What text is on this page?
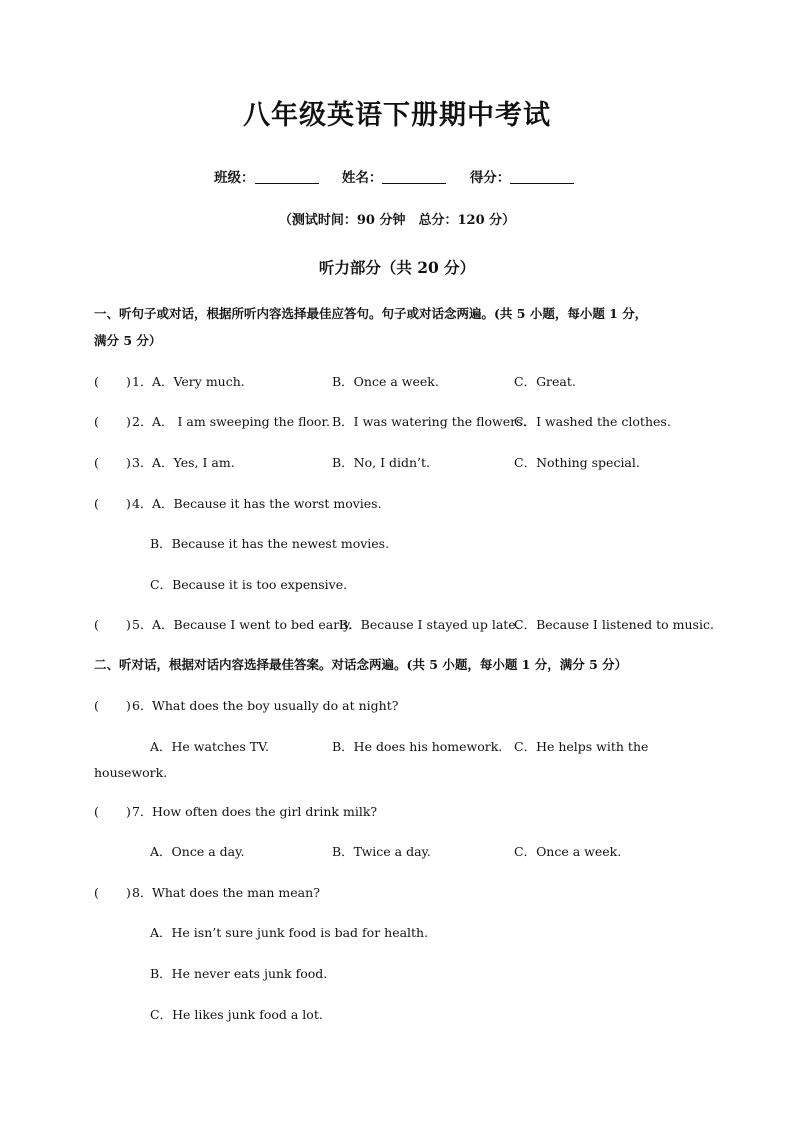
八年级英语下册期中考试
班级：	姓名：	得分：
（测试时间：90 分钟　总分：120 分）
听力部分（共 20 分）
一、听句子或对话，根据所听内容选择最佳应答句。句子或对话念两遍。(共 5 小题，每小题 1 分，
满分 5 分）
( ) 1． A．Very much.	B．Once a week.	C．Great.
( ) 2． A． I am sweeping the floor. B．I was watering the flowers.
C．I washed the clothes.
( ) 3． A．Yes, I am.	B．No, I didn’t.	C．Nothing special.
( ) 4． A．Because it has the worst movies.
B．Because it has the newest movies.
C．Because it is too expensive.
( ) 5． A．Because I went to bed early.
B．Because I stayed up late.
C．Because I listened to music.
二、听对话，根据对话内容选择最佳答案。对话念两遍。(共 5 小题，每小题 1 分，满分 5 分）
( ) 6． What does the boy usually do at night?
A．He watches TV.	B．He does his homework. C．He helps with the
housework.
( ) 7． How often does the girl drink milk?
A．Once a day.	B．Twice a day.	C．Once a week.
( ) 8． What does the man mean?
A．He isn’t sure junk food is bad for health.
B．He never eats junk food.
C．He likes junk food a lot.
